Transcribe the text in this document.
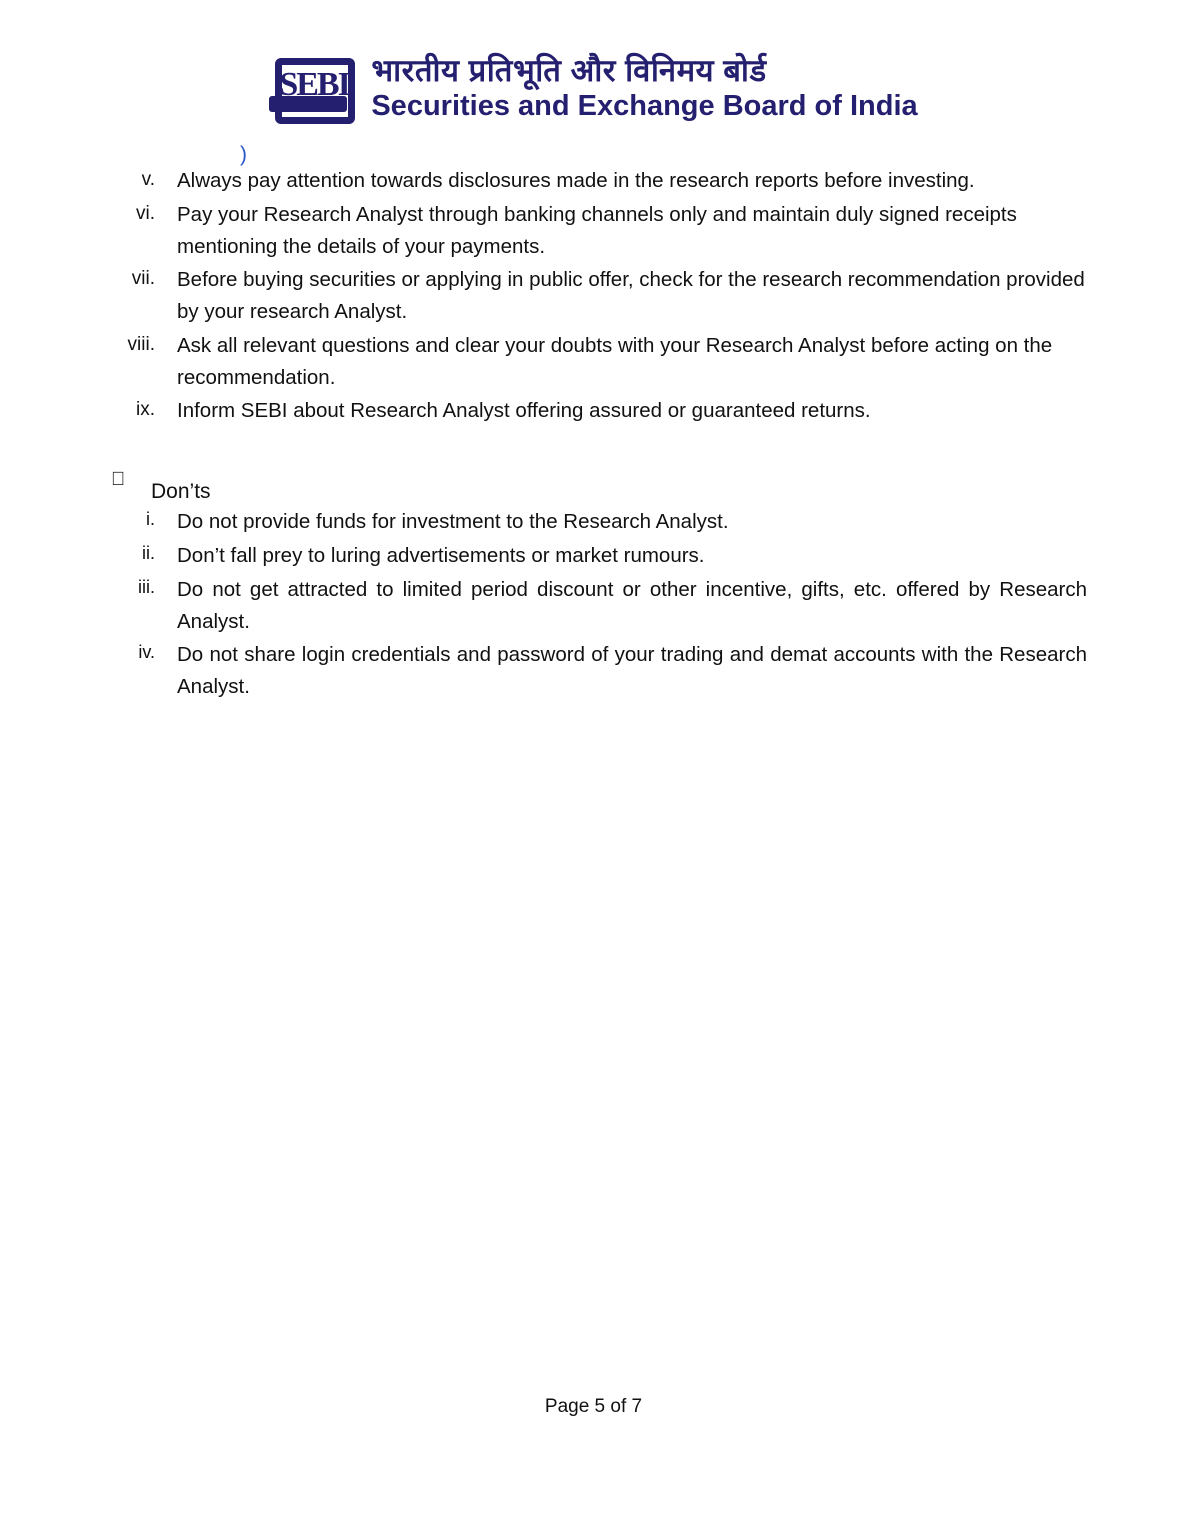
SEBI भारतीय प्रतिभूति और विनिमय बोर्ड
Securities and Exchange Board of India
)
v.	Always pay attention towards disclosures made in the research reports before investing.
vi.	Pay your Research Analyst through banking channels only and maintain duly signed receipts mentioning the details of your payments.
vii.	Before buying securities or applying in public offer, check for the research recommendation provided by your research Analyst.
viii.	Ask all relevant questions and clear your doubts with your Research Analyst before acting on the recommendation.
ix.	Inform SEBI about Research Analyst offering assured or guaranteed returns.
Don’ts
i.	Do not provide funds for investment to the Research Analyst.
ii.	Don’t fall prey to luring advertisements or market rumours.
iii.	Do not get attracted to limited period discount or other incentive, gifts, etc. offered by Research Analyst.
iv.	Do not share login credentials and password of your trading and demat accounts with the Research Analyst.
Page 5 of 7
